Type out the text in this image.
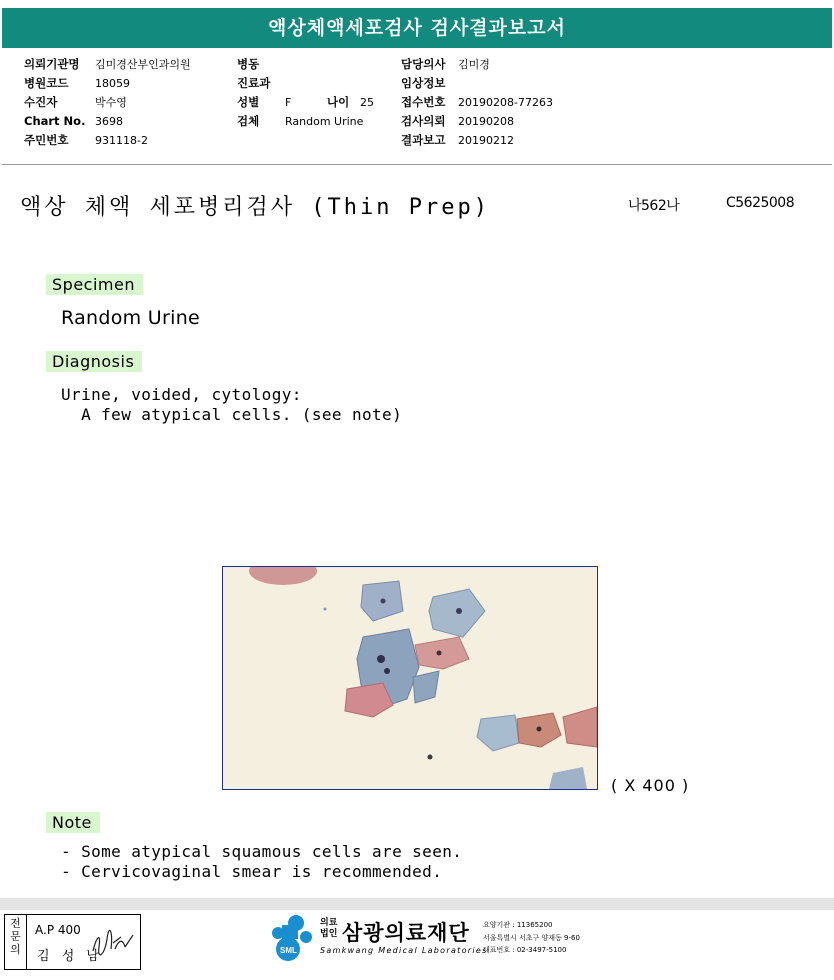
액상체액세포검사 검사결과보고서
의뢰기관명 김미경산부인과의원
병원코드 18059
수진자	박수영
Chart No. 3698
주민번호 931118-2
병동
진료과
성별 F	나이 25
검체 Random Urine
담당의사 김미경
임상정보
접수번호 20190208-77263
검사의뢰 20190208
결과보고 20190212
액상 체액 세포병리검사 (Thin Prep)	나562나	C5625008
Specimen
Random Urine
Diagnosis
Urine, voided, cytology:
A few atypical cells. (see note)
( X 400 )
Note
- Some atypical squamous cells are seen.
- Cervicovaginal smear is recommended.
전
문
의
A.P 400
김 성 남	SML
의료
법인 삼광의료재단
Samkwang Medical Laboratories
요양기관 : 11365200
서울특별시 서초구 양재동 9-60
대표번호 : 02-3497-5100
